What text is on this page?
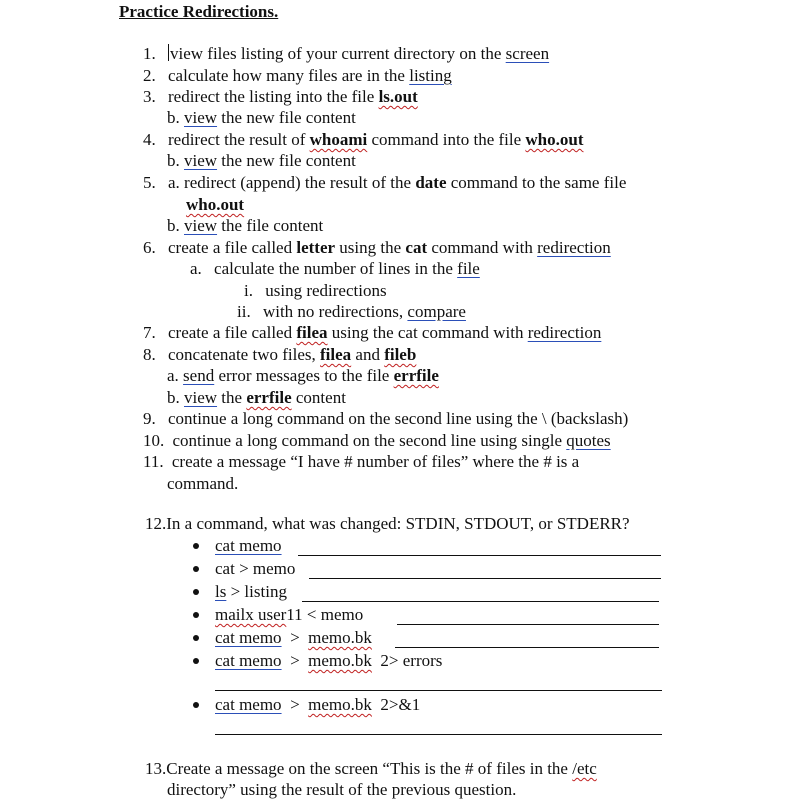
Practice Redirections.
1. view files listing of your current directory on the screen
2. calculate how many files are in the listing
3. redirect the listing into the file ls.out
b. view the new file content
4. redirect the result of whoami command into the file who.out
b. view the new file content
5. a. redirect (append) the result of the date command to the same file
who.out
b. view the file content
6. create a file called letter using the cat command with redirection
a. calculate the number of lines in the file
i. using redirections
ii. with no redirections, compare
7. create a file called filea using the cat command with redirection
8. concatenate two files, filea and fileb
a. send error messages to the file errfile
b. view the errfile content
9. continue a long command on the second line using the \ (backslash)
10. continue a long command on the second line using single quotes
11. create a message “I have # number of files” where the # is a
command.
12.In a command, what was changed: STDIN, STDOUT, or STDERR?
cat memo
cat > memo
ls > listing
mailx user11 < memo
cat memo  >  memo.bk
cat memo  >  memo.bk  2> errors
cat memo  >  memo.bk  2>&1
13.Create a message on the screen “This is the # of files in the /etc
directory” using the result of the previous question.
